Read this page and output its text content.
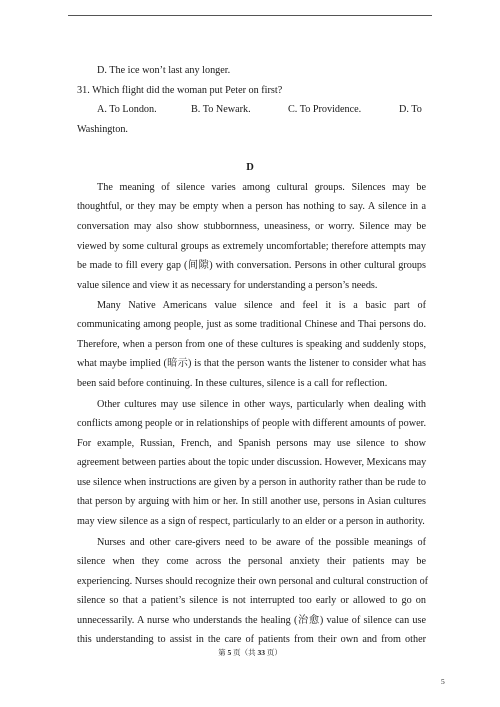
D. The ice won’t last any longer.
31. Which flight did the woman put Peter on first?
A. To London.	B. To Newark.	C. To Providence.	D. To
Washington.
D
The meaning of silence varies among cultural groups. Silences may be
thoughtful, or they may be empty when a person has nothing to say. A silence in a
conversation may also show stubbornness, uneasiness, or worry. Silence may be
viewed by some cultural groups as extremely uncomfortable; therefore attempts may
be made to fill every gap (间隙) with conversation. Persons in other cultural groups
value silence and view it as necessary for understanding a person’s needs.
Many Native Americans value silence and feel it is a basic part of
communicating among people, just as some traditional Chinese and Thai persons do.
Therefore, when a person from one of these cultures is speaking and suddenly stops,
what maybe implied (暗示) is that the person wants the listener to consider what has
been said before continuing. In these cultures, silence is a call for reflection.
Other cultures may use silence in other ways, particularly when dealing with
conflicts among people or in relationships of people with different amounts of power.
For example, Russian, French, and Spanish persons may use silence to show
agreement between parties about the topic under discussion. However, Mexicans may
use silence when instructions are given by a person in authority rather than be rude to
that person by arguing with him or her. In still another use, persons in Asian cultures
may view silence as a sign of respect, particularly to an elder or a person in authority.
Nurses and other care-givers need to be aware of the possible meanings of
silence when they come across the personal anxiety their patients may be
experiencing. Nurses should recognize their own personal and cultural construction of
silence so that a patient’s silence is not interrupted too early or allowed to go on
unnecessarily. A nurse who understands the healing (治愈) value of silence can use
this understanding to assist in the care of patients from their own and from other
第 5 页（共 33 页）
5
